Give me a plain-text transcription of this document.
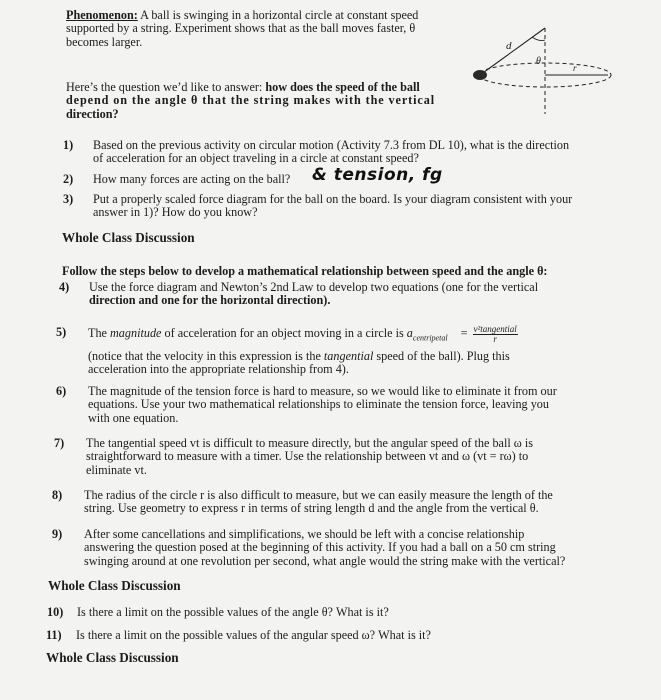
Phenomenon: A ball is swinging in a horizontal circle at constant speed
supported by a string. Experiment shows that as the ball moves faster, θ
becomes larger.
Here’s the question we’d like to answer: how does the speed of the ball
depend on the angle θ that the string makes with the vertical
direction?
d
θ
r
1) Based on the previous activity on circular motion (Activity 7.3 from DL 10), what is the direction
of acceleration for an object traveling in a circle at constant speed?
2) How many forces are acting on the ball? & tension, fg
3) Put a properly scaled force diagram for the ball on the board. Is your diagram consistent with your
answer in 1)? How do you know?
Whole Class Discussion
Follow the steps below to develop a mathematical relationship between speed and the angle θ:
4) Use the force diagram and Newton’s 2nd Law to develop two equations (one for the vertical
direction and one for the horizontal direction).
5) The magnitude of acceleration for an object moving in a circle is $a_{centripetal} = \frac{\text{v²tangential}}{r}$
(notice that the velocity in this expression is the tangential speed of the ball). Plug this
acceleration into the appropriate relationship from 4).
6) The magnitude of the tension force is hard to measure, so we would like to eliminate it from our
equations. Use your two mathematical relationships to eliminate the tension force, leaving you
with one equation.
7) The tangential speed vt is difficult to measure directly, but the angular speed of the ball ω is
straightforward to measure with a timer. Use the relationship between vt and ω (vt = rω) to
eliminate vt.
8) The radius of the circle r is also difficult to measure, but we can easily measure the length of the
string. Use geometry to express r in terms of string length d and the angle from the vertical θ.
9) After some cancellations and simplifications, we should be left with a concise relationship
answering the question posed at the beginning of this activity. If you had a ball on a 50 cm string
swinging around at one revolution per second, what angle would the string make with the vertical?
Whole Class Discussion
10) Is there a limit on the possible values of the angle θ? What is it?
11) Is there a limit on the possible values of the angular speed ω? What is it?
Whole Class Discussion
